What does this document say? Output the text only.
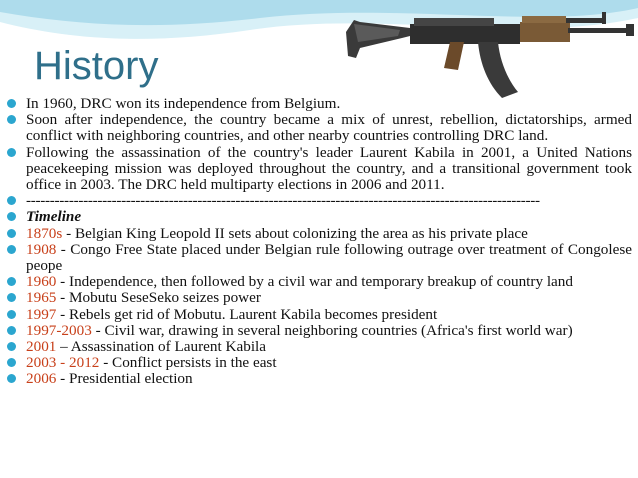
History
In 1960, DRC won its independence from Belgium.
Soon after independence, the country became a mix of unrest, rebellion, dictatorships, armed conflict with neighboring countries, and other nearby countries controlling DRC land.
Following the assassination of the country's leader Laurent Kabila in 2001, a United Nations peacekeeping mission was deployed throughout the country, and a transitional government took office in 2003. The DRC held multiparty elections in 2006 and 2011.
------------------------------------------------------------------------------------------------------------
Timeline
1870s - Belgian King Leopold II sets about colonizing the area as his private place
1908 - Congo Free State placed under Belgian rule following outrage over treatment of Congolese peope
1960 - Independence, then followed by a civil war and temporary breakup of country land
1965 - Mobutu SeseSeko seizes power
1997 - Rebels get rid of Mobutu. Laurent Kabila becomes president
1997-2003 - Civil war, drawing in several neighboring countries (Africa's first world war)
2001 – Assassination of Laurent Kabila
2003 - 2012 - Conflict persists in the east
2006 - Presidential election
